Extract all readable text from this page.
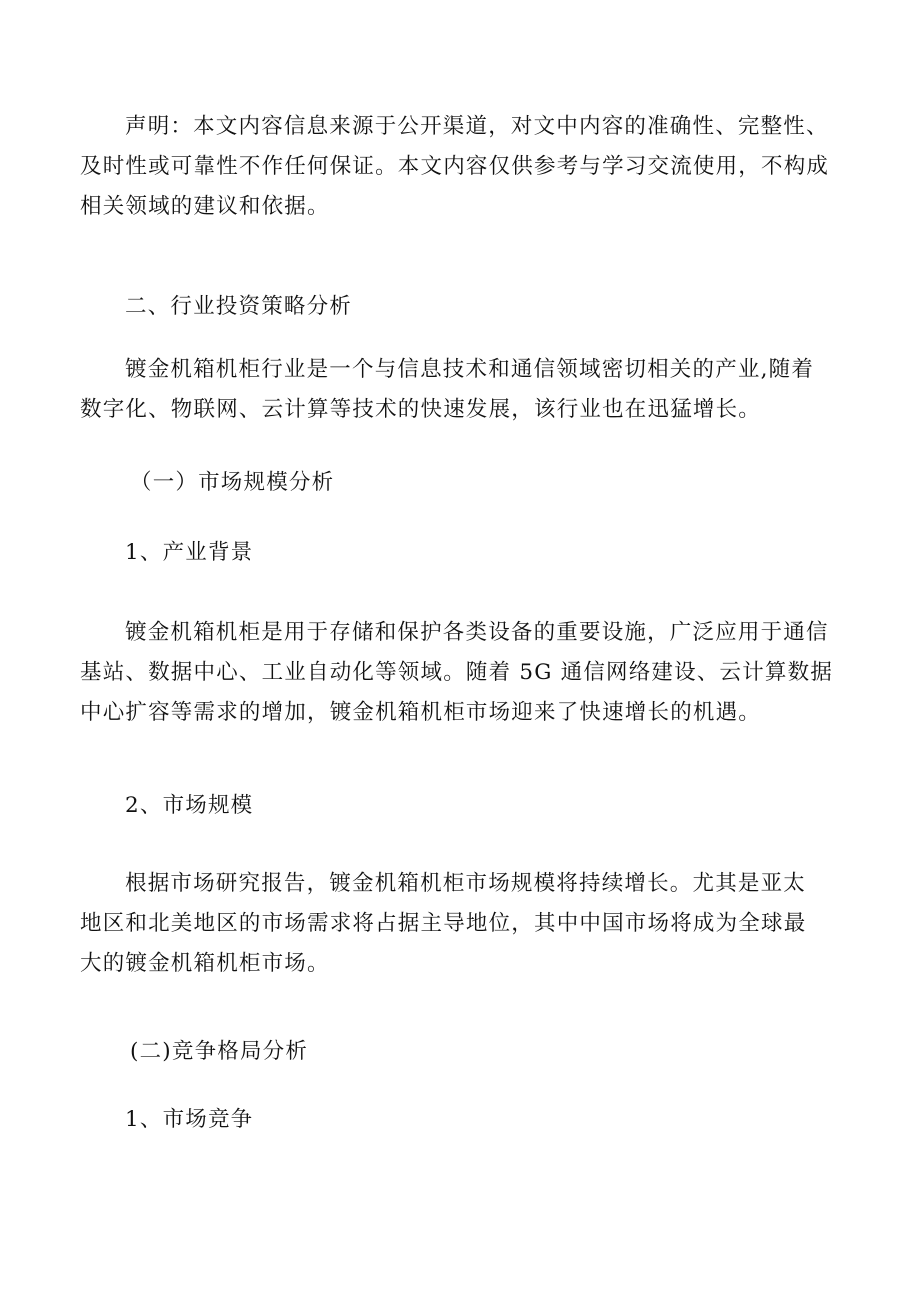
声明：本文内容信息来源于公开渠道，对文中内容的准确性、完整性、
及时性或可靠性不作任何保证。本文内容仅供参考与学习交流使用，不构成
相关领域的建议和依据。
二、行业投资策略分析
镀金机箱机柜行业是一个与信息技术和通信领域密切相关的产业,随着
数字化、物联网、云计算等技术的快速发展，该行业也在迅猛增长。
（一）市场规模分析
1、产业背景
镀金机箱机柜是用于存储和保护各类设备的重要设施，广泛应用于通信
基站、数据中心、工业自动化等领域。随着 5G 通信网络建设、云计算数据
中心扩容等需求的增加，镀金机箱机柜市场迎来了快速增长的机遇。
2、市场规模
根据市场研究报告，镀金机箱机柜市场规模将持续增长。尤其是亚太
地区和北美地区的市场需求将占据主导地位，其中中国市场将成为全球最
大的镀金机箱机柜市场。
(二)竞争格局分析
1、市场竞争
